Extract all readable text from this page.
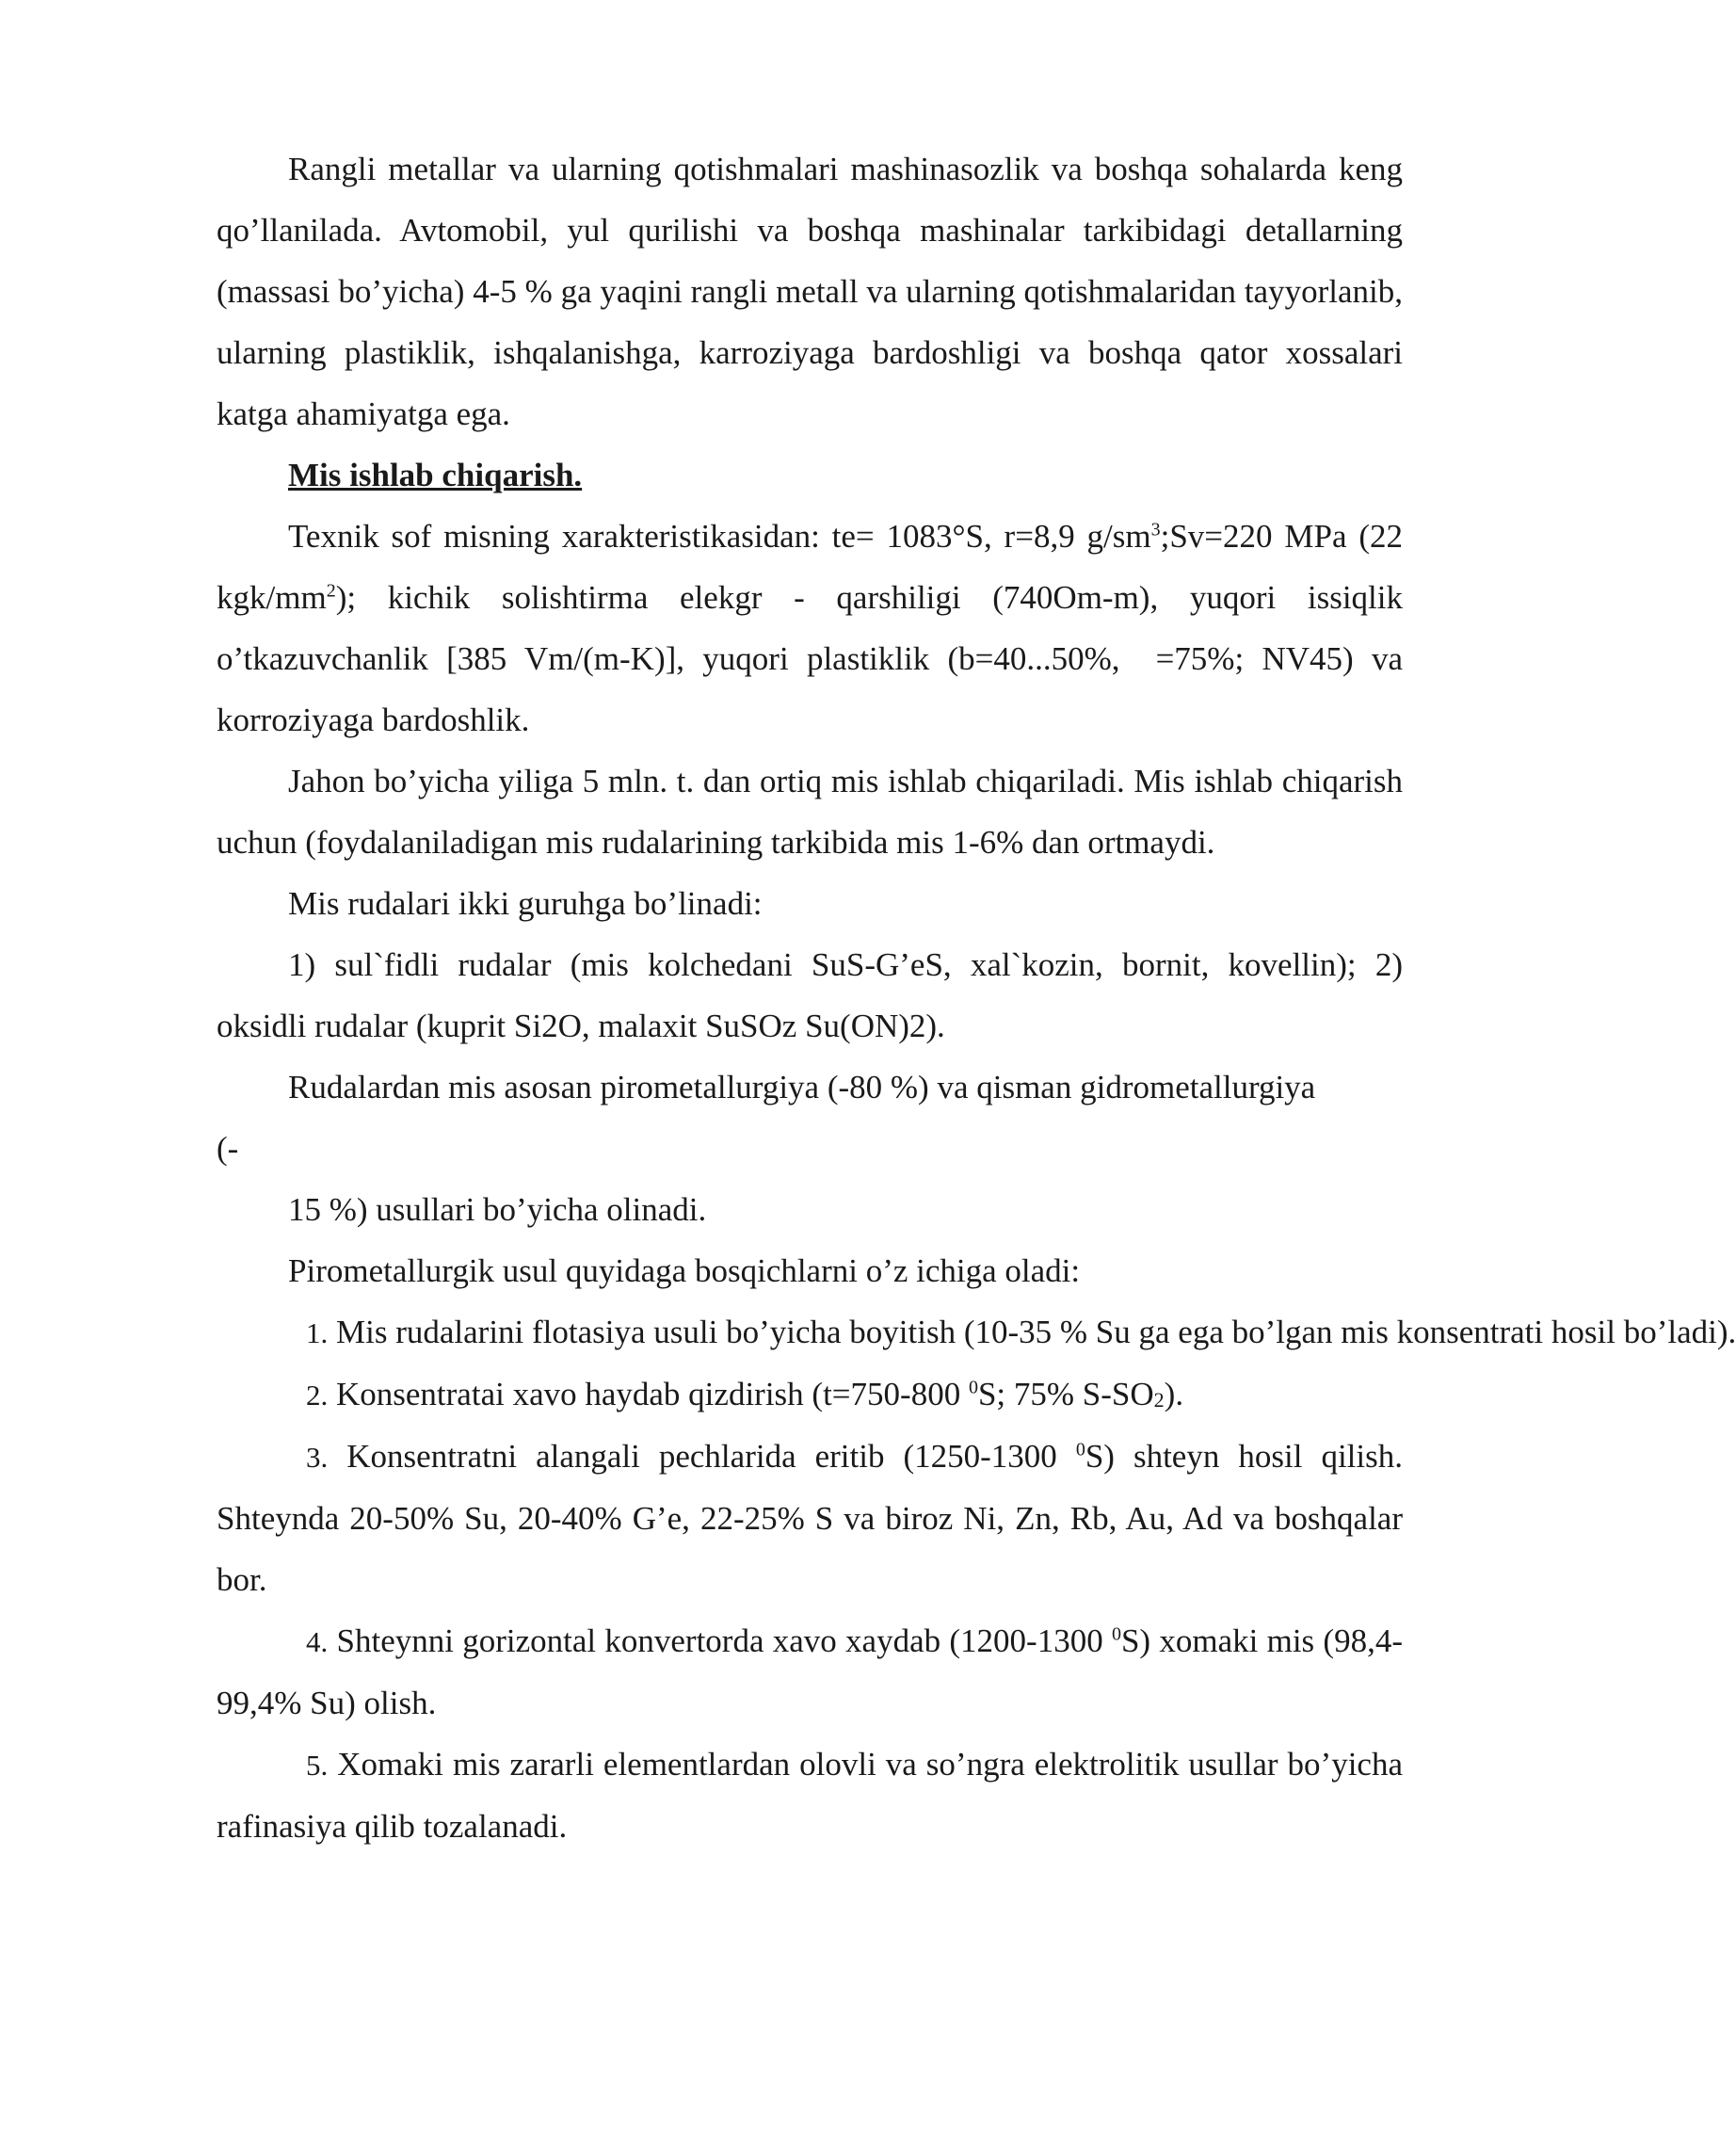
Rangli metallar va ularning qotishmalari mashinasozlik va boshqa sohalarda keng qo’llanilada. Avtomobil, yul qurilishi va boshqa mashinalar tarkibidagi detallarning (massasi bo’yicha) 4-5 % ga yaqini rangli metall va ularning qotishmalaridan tayyorlanib, ularning plastiklik, ishqalanishga, karroziyaga bardoshligi va boshqa qator xossalari katga ahamiyatga ega.

Mis ishlab chiqarish.

Texnik sof misning xarakteristikasidan: te= 1083°S, r=8,9 $g/sm^3;Sv=220$ MPa (22 kgk/$mm^2$); kichik solishtirma elekgr - qarshiligi (740Om-m), yuqori issiqlik o’tkazuvchanlik [385 Vm/(m-K)], yuqori plastiklik (b=40...50%, =75%; NV45) va korroziyaga bardoshlik.

Jahon bo’yicha yiliga 5 mln. t. dan ortiq mis ishlab chiqariladi. Mis ishlab chiqarish uchun (foydalaniladigan mis rudalarining tarkibida mis 1-6% dan ortmaydi.

Mis rudalari ikki guruhga bo’linadi:

1) sul`fidli rudalar (mis kolchedani SuS-G’eS, xal`kozin, bornit, kovellin); 2) oksidli rudalar (kuprit Si2O, malaxit SuSOz Su(ON)2).

Rudalardan mis asosan pirometallurgiya (-80 %) va qisman gidrometallurgiya

(-

15 %) usullari bo’yicha olinadi.

Pirometallurgik usul quyidaga bosqichlarni o’z ichiga oladi:

1. Mis rudalarini flotasiya usuli bo’yicha boyitish (10-35 % Su ga ega bo’lgan mis konsentrati hosil bo’ladi).

2. Konsentratai xavo haydab qizdirish (t=750-800 $^0$S; 75% $S-SO_2$).

3. Konsentratni alangali pechlarida eritib (1250-1300 $^0$S) shteyn hosil qilish. Shteynda 20-50% Su, 20-40% G’e, 22-25% S va biroz Ni, Zn, Rb, Au, Ad va boshqalar bor.

4. Shteynni gorizontal konvertorda xavo xaydab (1200-1300 $^0$S) xomaki mis (98,4-99,4% Su) olish.

5. Xomaki mis zararli elementlardan olovli va so’ngra elektrolitik usullar bo’yicha rafinasiya qilib tozalanadi.
